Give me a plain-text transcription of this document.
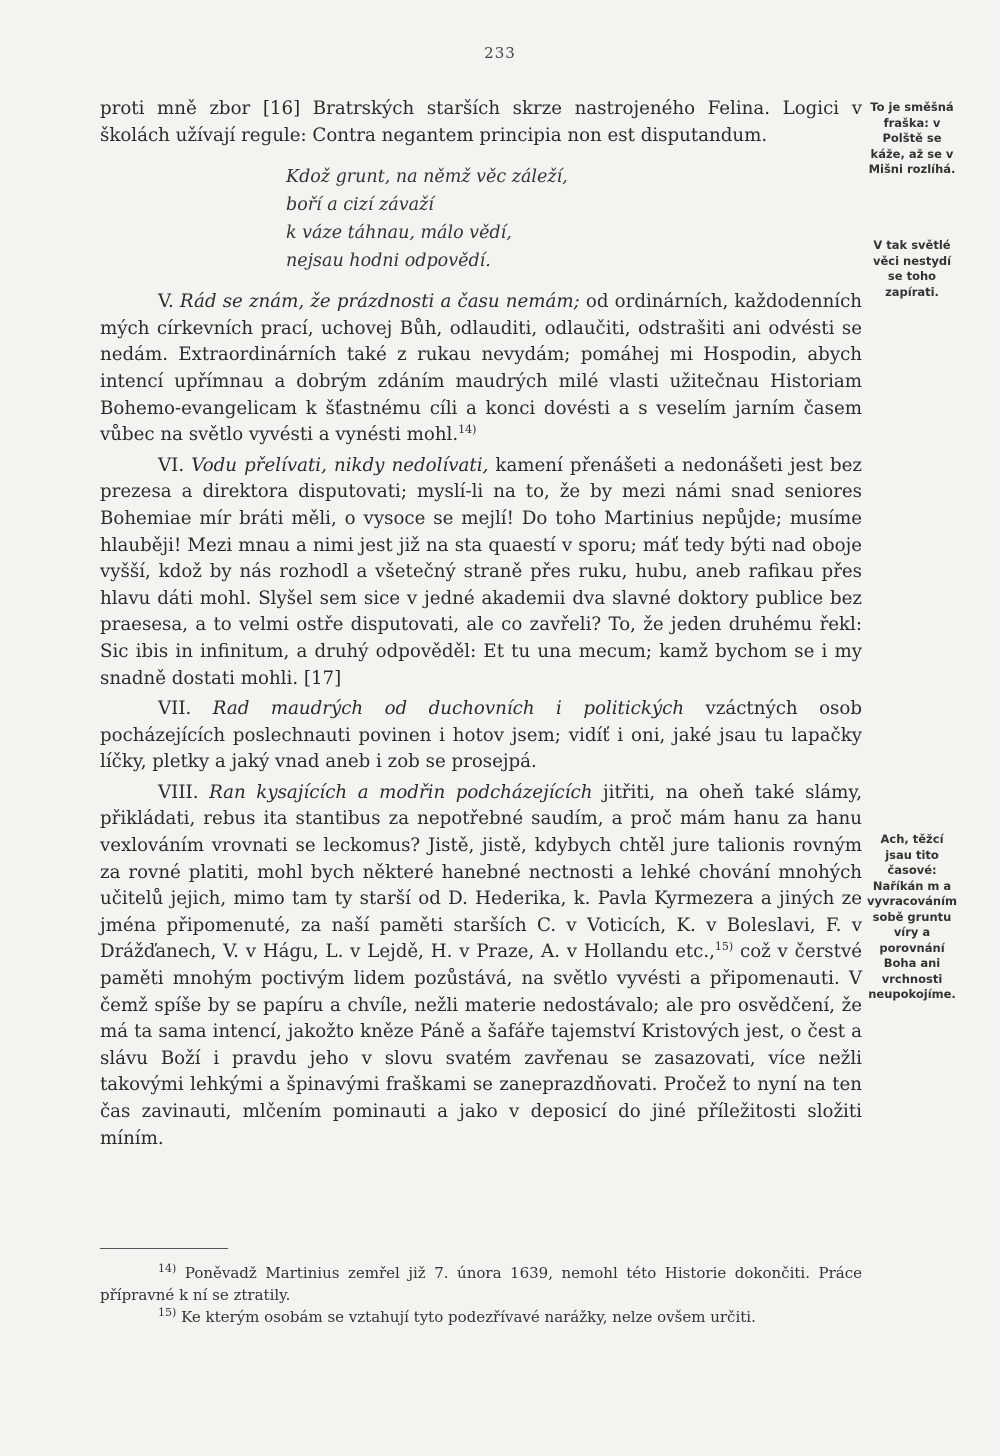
233

proti mně zbor [16] Bratrských starších skrze nastrojeného Felina. Logici v školách užívají regule: Contra negantem principia non est disputandum.

Kdož grunt, na němž věc záleží,
boří a cizí závaží
k váze táhnau, málo vědí,
nejsau hodni odpovědí.

V. Rád se znám, že prázdnosti a času nemám; od ordinárních, každodenních mých církevních prací, uchovej Bůh, odlauditi, odlaučiti, odstrašiti ani odvésti se nedám. Extraordinárních také z rukau nevydám; pomáhej mi Hospodin, abych intencí upřímnau a dobrým zdáním maudrých milé vlasti užitečnau Historiam Bohemo-evangelicam k šťastnému cíli a konci dovésti a s veselím jarním časem vůbec na světlo vyvésti a vynésti mohl.$^{14)}$

VI. Vodu přelívati, nikdy nedolívati, kamení přenášeti a nedonášeti jest bez prezesa a direktora disputovati; myslí-li na to, že by mezi námi snad seniores Bohemiae mír bráti měli, o vysoce se mejlí! Do toho Martinius nepůjde; musíme hlauběji! Mezi mnau a nimi jest již na sta quaestí v sporu; máť tedy býti nad oboje vyšší, kdož by nás rozhodl a všetečný straně přes ruku, hubu, aneb rafikau přes hlavu dáti mohl. Slyšel sem sice v jedné akademii dva slavné doktory publice bez praesesa, a to velmi ostře disputovati, ale co zavřeli? To, že jeden druhému řekl: Sic ibis in infinitum, a druhý odpověděl: Et tu una mecum; kamž bychom se i my snadně dostati mohli. [17]

VII. Rad maudrých od duchovních i politických vzáctných osob pocházejících poslechnauti povinen i hotov jsem; vidíť i oni, jaké jsau tu lapačky líčky, pletky a jaký vnad aneb i zob se prosejpá.

VIII. Ran kysajících a modřin podcházejících jitřiti, na oheň také slámy, přikládati, rebus ita stantibus za nepotřebné saudím, a proč mám hanu za hanu vexlováním vrovnati se leckomus? Jistě, jistě, kdybych chtěl jure talionis rovným za rovné platiti, mohl bych některé hanebné nectnosti a lehké chování mnohých učitelů jejich, mimo tam ty starší od D. Hederika, k. Pavla Kyrmezera a jiných ze jména připomenuté, za naší paměti starších C. v Voticích, K. v Boleslavi, F. v Drážďanech, V. v Hágu, L. v Lejdě, H. v Praze, A. v Hollandu etc.,$^{15)}$ což v čerstvé paměti mnohým poctivým lidem pozůstává, na světlo vyvésti a připomenauti. V čemž spíše by se papíru a chvíle, nežli materie nedostávalo; ale pro osvědčení, že má ta sama intencí, jakožto kněze Páně a šafáře tajemství Kristových jest, o čest a slávu Boží i pravdu jeho v slovu svatém zavřenau se zasazovati, více nežli takovými lehkými a špinavými fraškami se zaneprazdňovati. Pročež to nyní na ten čas zavinauti, mlčením pominauti a jako v deposicí do jiné příležitosti složiti míním.

To je směšná fraška: v Polště se káže, až se v Mišni rozlíhá.
V tak světlé věci nestydí se toho zapírati.
Ach, těžcí jsau tito časové: Naříkán m a vyvracováním sobě gruntu víry a porovnání Boha ani vrchnosti neupokojíme.

$^{14)}$ Poněvadž Martinius zemřel již 7. února 1639, nemohl této Historie dokončiti. Práce přípravné k ní se ztratily.

$^{15)}$ Ke kterým osobám se vztahují tyto podezřívavé narážky, nelze ovšem určiti.
